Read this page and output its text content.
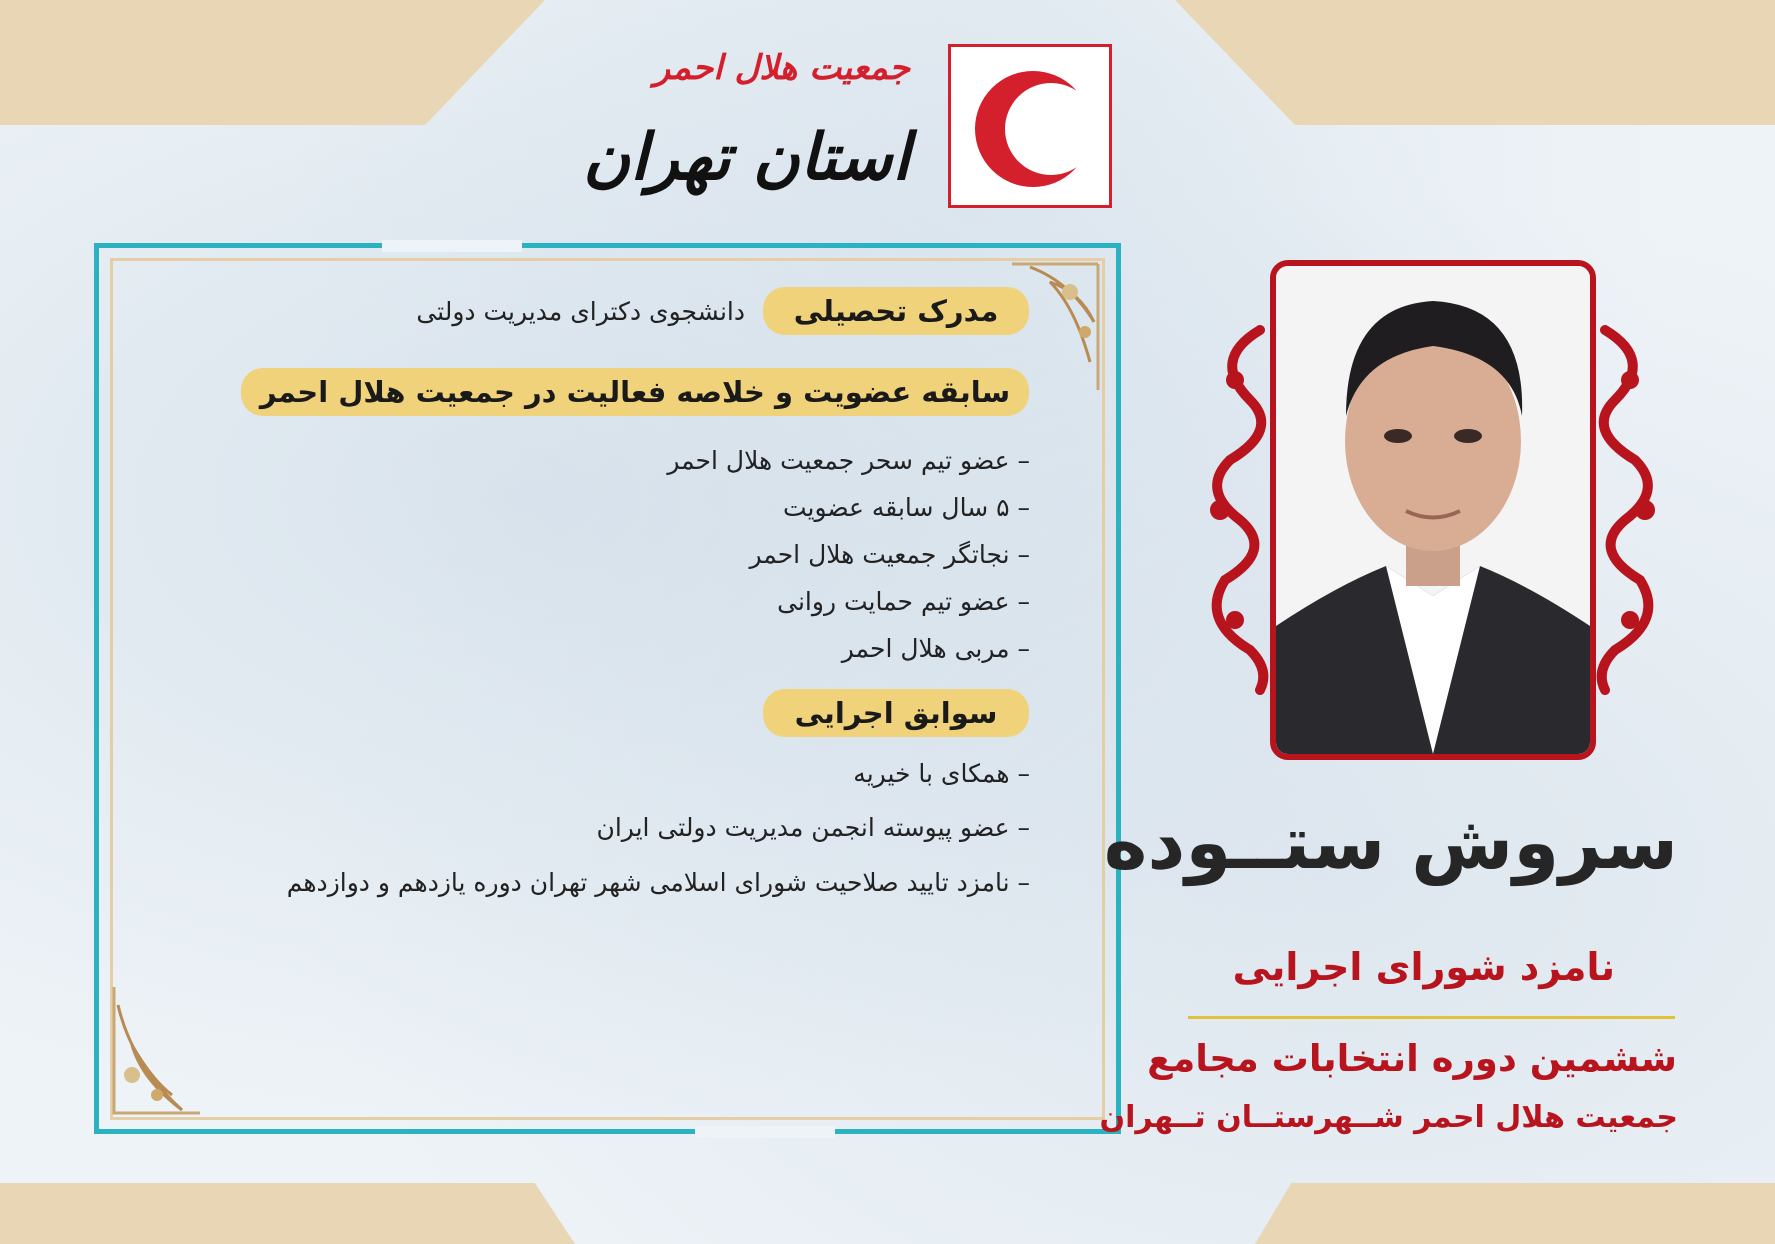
جمعیت هلال احمر
استان تهران
مدرک تحصیلی
دانشجوی دکترای مدیریت دولتی
سابقه عضویت و خلاصه فعالیت در جمعیت هلال احمر
– عضو تیم سحر جمعیت هلال احمر
– ۵ سال سابقه عضویت
– نجاتگر جمعیت هلال احمر
– عضو تیم حمایت روانی
– مربی هلال احمر
سوابق اجرایی
– همکای با خیریه
– عضو پیوسته انجمن مدیریت دولتی ایران
– نامزد تایید صلاحیت شورای اسلامی شهر تهران دوره یازدهم و دوازدهم سروش ستــوده
نامزد شورای اجرایی
ششمین دوره انتخابات مجامع
جمعیت هلال احمر شــهرستــان تــهران
